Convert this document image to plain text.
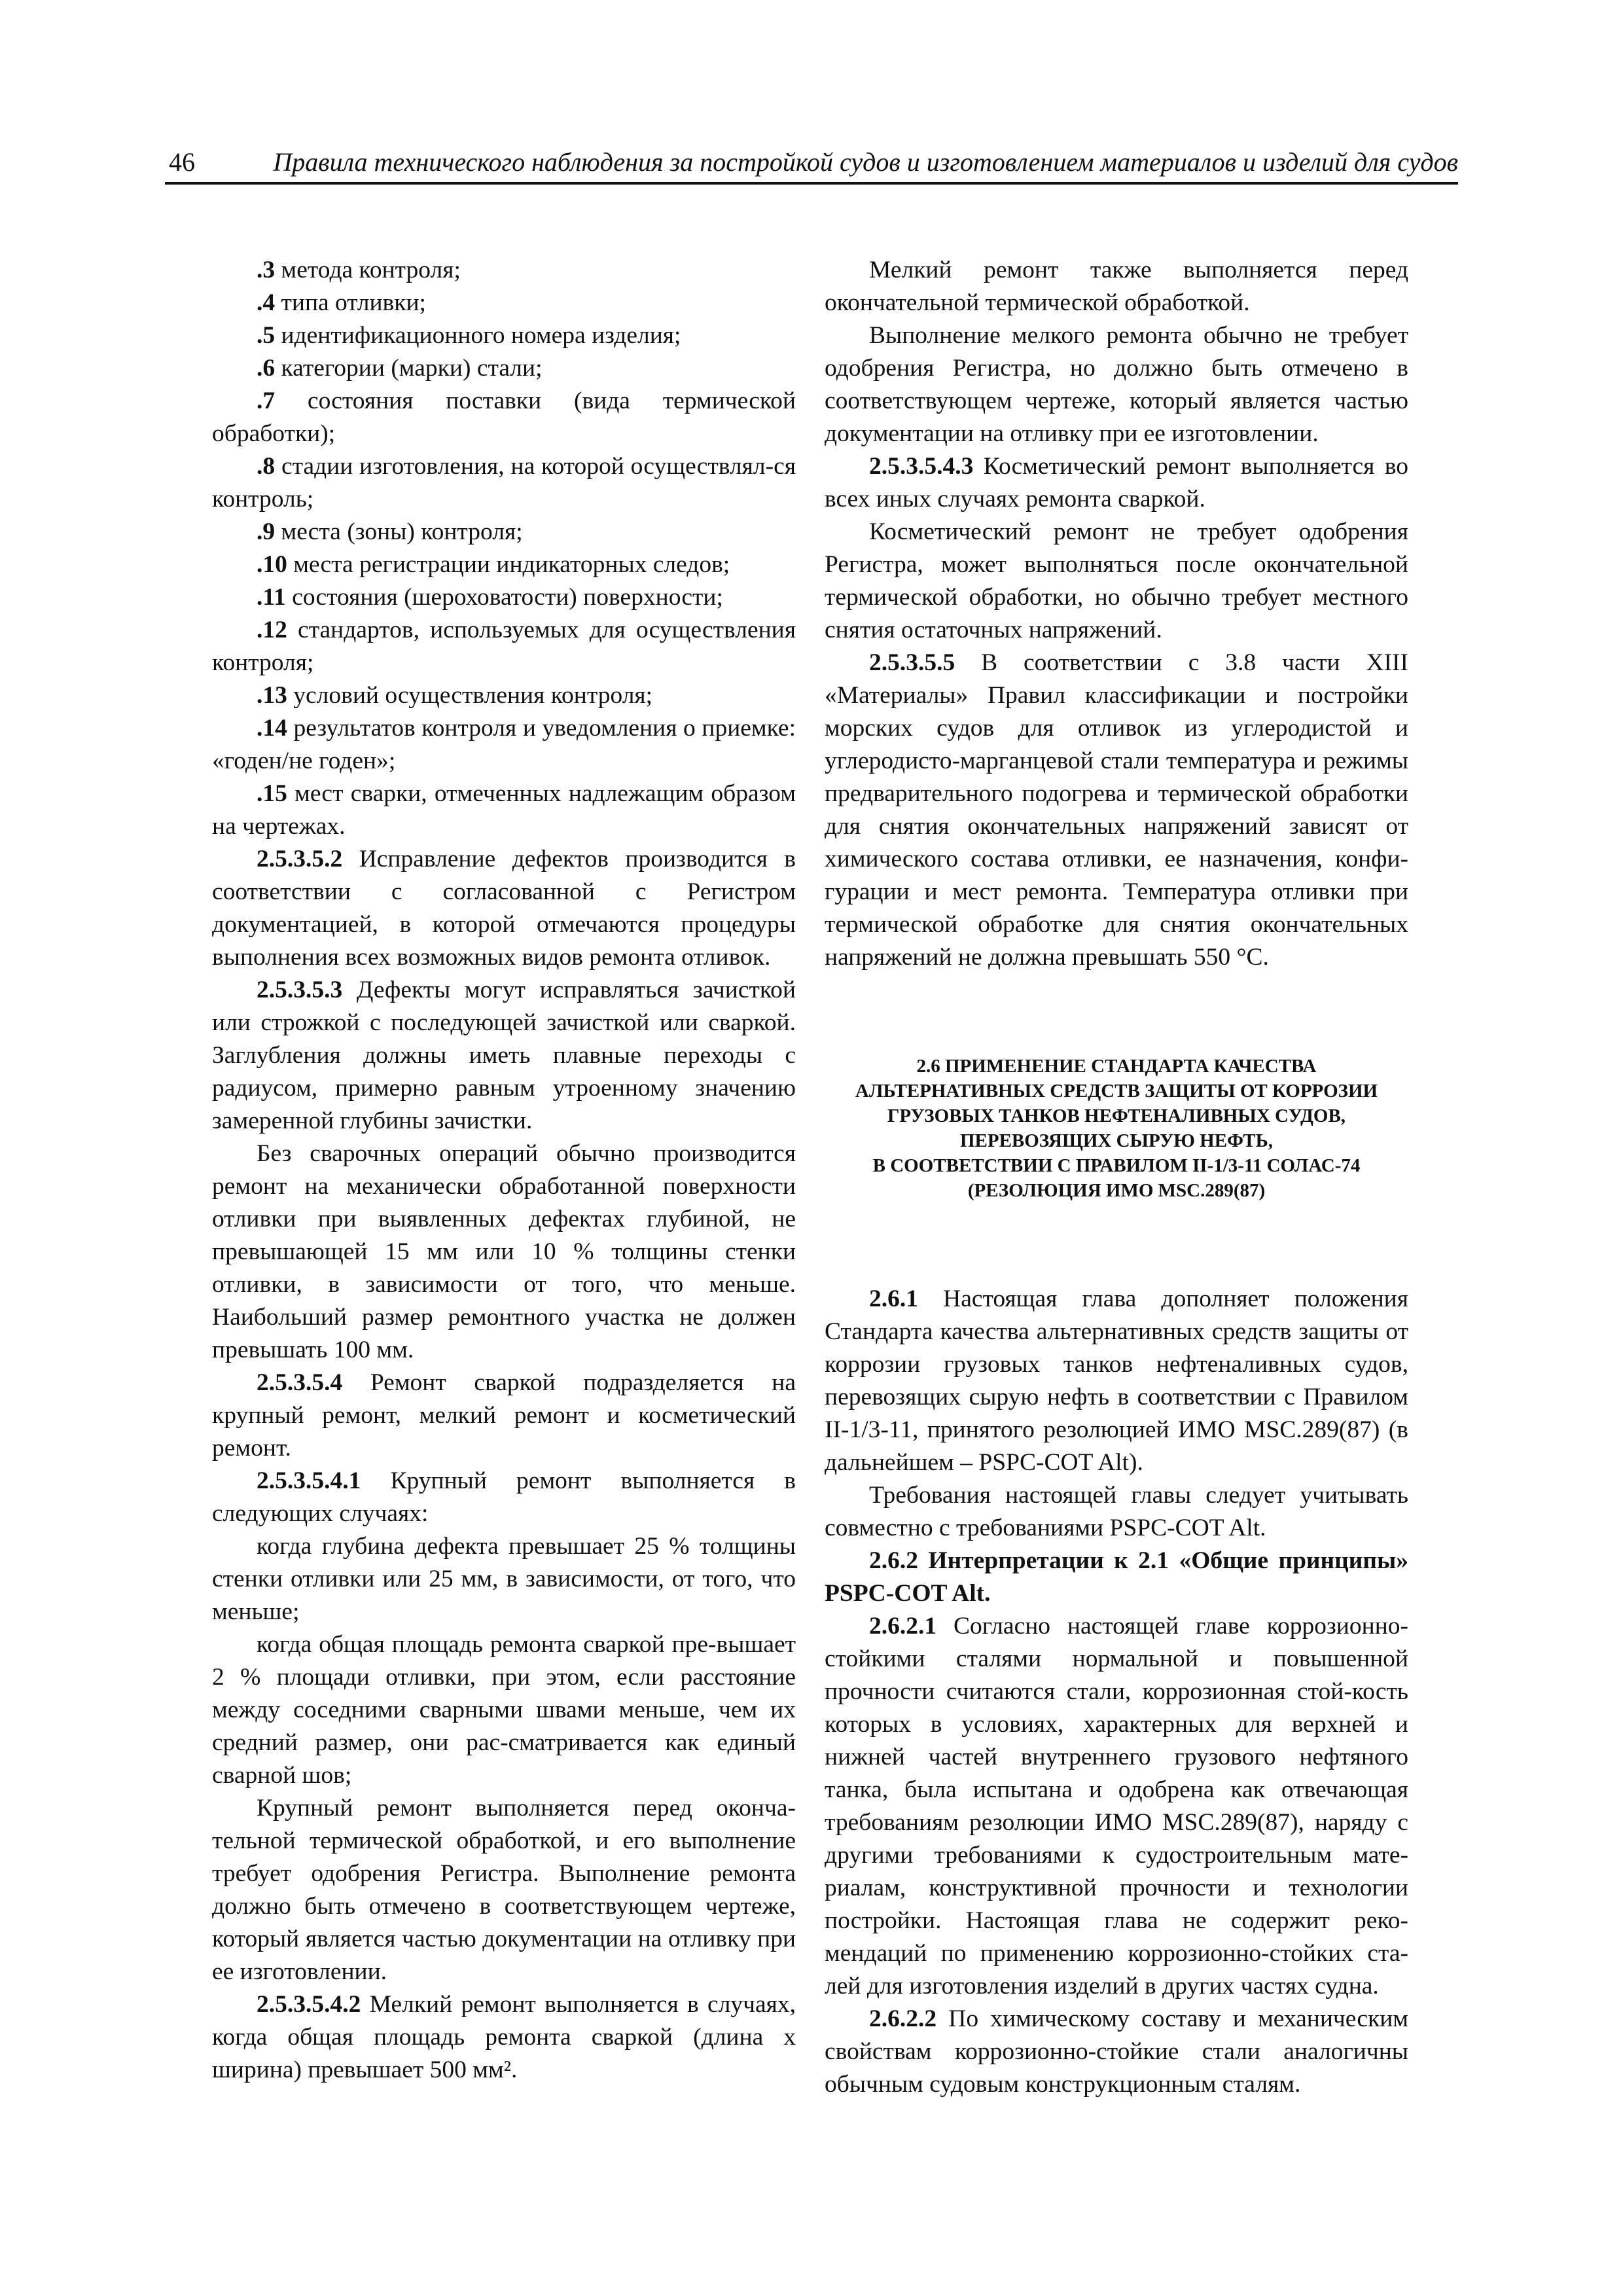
46	Правила технического наблюдения за постройкой судов и изготовлением материалов и изделий для судов

.3 метода контроля;

.4 типа отливки;

.5 идентификационного номера изделия;

.6 категории (марки) стали;

.7 состояния поставки (вида термической обработки);

.8 стадии изготовления, на которой осуществлял-ся контроль;

.9 места (зоны) контроля;

.10 места регистрации индикаторных следов;

.11 состояния (шероховатости) поверхности;

.12 стандартов, используемых для осуществления контроля;

.13 условий осуществления контроля;

.14 результатов контроля и уведомления о приемке: «годен/не годен»;

.15 мест сварки, отмеченных надлежащим образом на чертежах.

2.5.3.5.2 Исправление дефектов производится в соответствии с согласованной с Регистром документацией, в которой отмечаются процедуры выполнения всех возможных видов ремонта отливок.

2.5.3.5.3 Дефекты могут исправляться зачисткой или строжкой с последующей зачисткой или сваркой. Заглубления должны иметь плавные переходы с радиусом, примерно равным утроенному значению замеренной глубины зачистки.

Без сварочных операций обычно производится ремонт на механически обработанной поверхности отливки при выявленных дефектах глубиной, не превышающей 15 мм или 10 % толщины стенки отливки, в зависимости от того, что меньше. Наибольший размер ремонтного участка не должен превышать 100 мм.

2.5.3.5.4 Ремонт сваркой подразделяется на крупный ремонт, мелкий ремонт и косметический ремонт.

2.5.3.5.4.1 Крупный ремонт выполняется в следующих случаях:

когда глубина дефекта превышает 25 % толщины стенки отливки или 25 мм, в зависимости, от того, что меньше;

когда общая площадь ремонта сваркой пре-вышает 2 % площади отливки, при этом, если расстояние между соседними сварными швами меньше, чем их средний размер, они рас-сматривается как единый сварной шов;

Крупный ремонт выполняется перед оконча-тельной термической обработкой, и его выполнение требует одобрения Регистра. Выполнение ремонта должно быть отмечено в соответствующем чертеже, который является частью документации на отливку при ее изготовлении.

2.5.3.5.4.2 Мелкий ремонт выполняется в случаях, когда общая площадь ремонта сваркой (длина х ширина) превышает 500 мм².

Мелкий ремонт также выполняется перед окончательной термической обработкой.

Выполнение мелкого ремонта обычно не требует одобрения Регистра, но должно быть отмечено в соответствующем чертеже, который является частью документации на отливку при ее изготовлении.

2.5.3.5.4.3 Косметический ремонт выполняется во всех иных случаях ремонта сваркой.

Косметический ремонт не требует одобрения Регистра, может выполняться после окончательной термической обработки, но обычно требует местного снятия остаточных напряжений.

2.5.3.5.5 В соответствии с 3.8 части XIII «Материалы» Правил классификации и постройки морских судов для отливок из углеродистой и углеродисто-марганцевой стали температура и режимы предварительного подогрева и термической обработки для снятия окончательных напряжений зависят от химического состава отливки, ее назначения, конфи-гурации и мест ремонта. Температура отливки при термической обработке для снятия окончательных напряжений не должна превышать 550 °С.

2.6 ПРИМЕНЕНИЕ СТАНДАРТА КАЧЕСТВА
АЛЬТЕРНАТИВНЫХ СРЕДСТВ ЗАЩИТЫ ОТ КОРРОЗИИ
ГРУЗОВЫХ ТАНКОВ НЕФТЕНАЛИВНЫХ СУДОВ,
ПЕРЕВОЗЯЩИХ СЫРУЮ НЕФТЬ,
В СООТВЕТСТВИИ С ПРАВИЛОМ II-1/3-11 СОЛАС-74
(РЕЗОЛЮЦИЯ ИМО MSC.289(87)

2.6.1 Настоящая глава дополняет положения Стандарта качества альтернативных средств защиты от коррозии грузовых танков нефтеналивных судов, перевозящих сырую нефть в соответствии с Правилом II-1/3-11, принятого резолюцией ИМО MSC.289(87) (в дальнейшем – PSPC-COT Alt).

Требования настоящей главы следует учитывать совместно с требованиями PSPC-COT Alt.

2.6.2 Интерпретации к 2.1 «Общие принципы» PSPC-COT Alt.

2.6.2.1 Согласно настоящей главе коррозионно-стойкими сталями нормальной и повышенной прочности считаются стали, коррозионная стой-кость которых в условиях, характерных для верхней и нижней частей внутреннего грузового нефтяного танка, была испытана и одобрена как отвечающая требованиям резолюции ИМО MSC.289(87), наряду с другими требованиями к судостроительным мате-риалам, конструктивной прочности и технологии постройки. Настоящая глава не содержит реко-мендаций по применению коррозионно-стойких ста-лей для изготовления изделий в других частях судна.

2.6.2.2 По химическому составу и механическим свойствам коррозионно-стойкие стали аналогичны обычным судовым конструкционным сталям.
